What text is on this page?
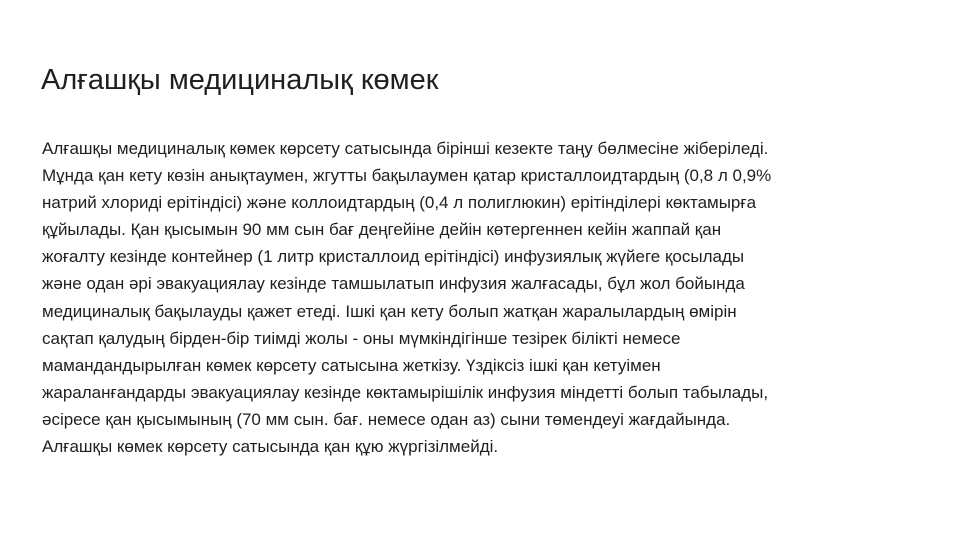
Алғашқы медициналық көмек
Алғашқы медициналық көмек көрсету сатысында бірінші кезекте таңу бөлмесіне жіберіледі.
Мұнда қан кету көзін анықтаумен, жгутты бақылаумен қатар кристаллоидтардың (0,8 л 0,9%
натрий хлориді ерітіндісі) және коллоидтардың (0,4 л полиглюкин) ерітінділері көктамырға
құйылады. Қан қысымын 90 мм сын бағ деңгейіне дейін көтергеннен кейін жаппай қан
жоғалту кезінде контейнер (1 литр кристаллоид ерітіндісі) инфузиялық жүйеге қосылады
және одан әрі эвакуациялау кезінде тамшылатып инфузия жалғасады, бұл жол бойында
медициналық бақылауды қажет етеді. Ішкі қан кету болып жатқан жаралылардың өмірін
сақтап қалудың бірден-бір тиімді жолы - оны мүмкіндігінше тезірек білікті немесе
мамандандырылған көмек көрсету сатысына жеткізу. Үздіксіз ішкі қан кетуімен
жараланғандарды эвакуациялау кезінде көктамырішілік инфузия міндетті болып табылады,
әсіресе қан қысымының (70 мм сын. бағ. немесе одан аз) сыни төмендеуі жағдайында.
Алғашқы көмек көрсету сатысында қан құю жүргізілмейді.
